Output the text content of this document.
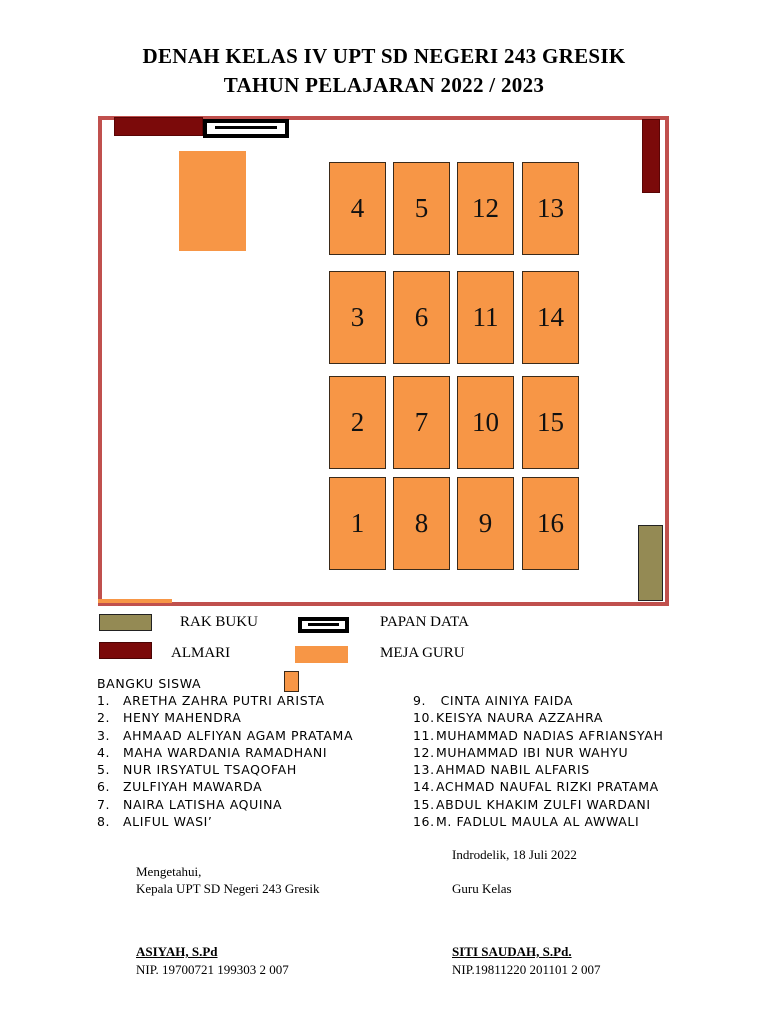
DENAH KELAS IV UPT SD NEGERI 243 GRESIK
TAHUN PELAJARAN 2022 / 2023
4	5	12	13
3	6	11	14
2	7	10	15
1	8	9	16
RAK BUKU	PAPAN DATA
ALMARI	MEJA GURU
BANGKU SISWA
1.	ARETHA ZAHRA PUTRI ARISTA
2.	HENY MAHENDRA
3.	AHMAAD ALFIYAN AGAM PRATAMA
4.	MAHA WARDANIA RAMADHANI
5.	NUR IRSYATUL TSAQOFAH
6.	ZULFIYAH MAWARDA
7.	NAIRA LATISHA AQUINA
8.	ALIFUL WASI’
9. CINTA AINIYA FAIDA
10. KEISYA NAURA AZZAHRA
11. MUHAMMAD NADIAS AFRIANSYAH
12. MUHAMMAD IBI NUR WAHYU
13. AHMAD NABIL ALFARIS
14. ACHMAD NAUFAL RIZKI PRATAMA
15. ABDUL KHAKIM ZULFI WARDANI
16. M. FADLUL MAULA AL AWWALI
Indrodelik, 18 Juli 2022
Mengetahui,
Kepala UPT SD Negeri 243 Gresik	Guru Kelas
ASIYAH, S.Pd
NIP. 19700721 199303 2 007
SITI SAUDAH, S.Pd.
NIP.19811220 201101 2 007
